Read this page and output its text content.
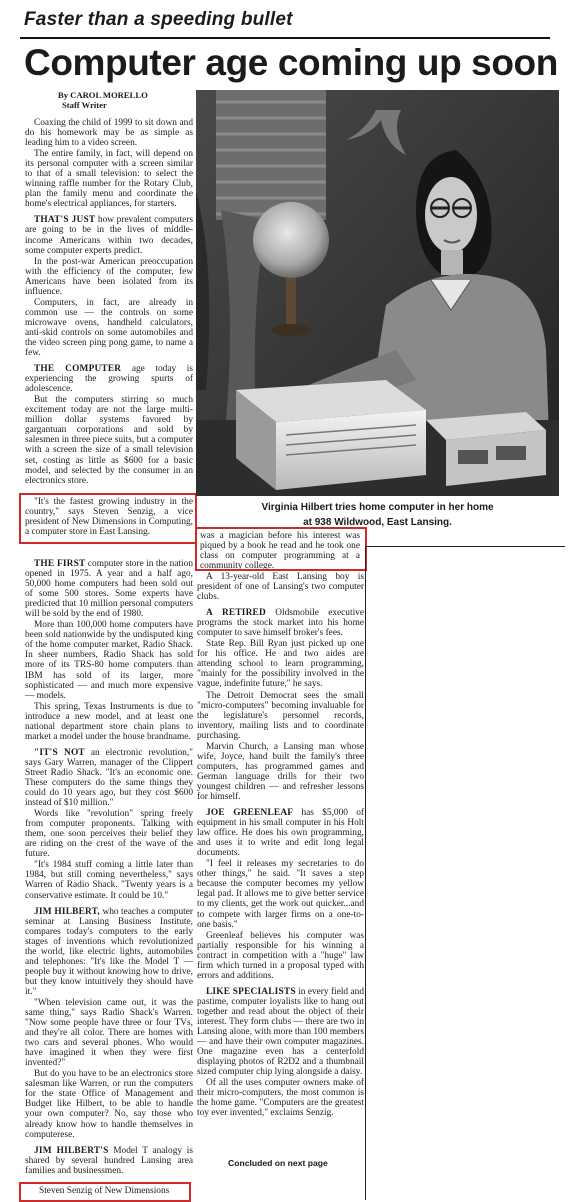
Faster than a speeding bullet
Computer age coming up soon
By CAROL MORELLO
Staff Writer

Coaxing the child of 1999 to sit down and do his homework may be as simple as leading him to a video screen.

The entire family, in fact, will depend on its personal computer with a screen similar to that of a small television: to select the winning raffle number for the Rotary Club, plan the family menu and coordinate the home's electrical appliances, for starters.

THAT'S JUST how prevalent computers are going to be in the lives of middle-income Americans within two decades, some computer experts predict.

In the post-war American preoccupation with the efficiency of the computer, few Americans have been isolated from its influence.

Computers, in fact, are already in common use — the controls on some microwave ovens, handheld calculators, anti-skid controls on some automobiles and the video screen ping pong game, to name a few.

THE COMPUTER age today is experiencing the growing spurts of adolescence.

But the computers stirring so much excitement today are not the large multi-million dollar systems favored by gargantuan corporations and sold by salesmen in three piece suits, but a computer with a screen the size of a small television set, costing as little as $600 for a basic model, and selected by the consumer in an electronics store.

"It's the fastest growing industry in the country," says Steven Senzig, a vice president of New Dimensions in Computing, a computer store in East Lansing.

Virginia Hilbert tries home computer in her home
at 938 Wildwood, East Lansing.

THE FIRST computer store in the nation opened in 1975. A year and a half ago, 50,000 home computers had been sold out of some 500 stores. Some experts have predicted that 10 million personal computers will be sold by the end of 1980.

More than 100,000 home computers have been sold nationwide by the undisputed king of the home computer market, Radio Shack. In sheer numbers, Radio Shack has sold more of its TRS-80 home computers than IBM has sold of its larger, more sophisticated — and much more expensive — models.

This spring, Texas Instruments is due to introduce a new model, and at least one national department store chain plans to market a model under the house brandname.

"IT'S NOT an electronic revolution," says Gary Warren, manager of the Clippert Street Radio Shack. "It's an economic one. These computers do the same things they could do 10 years ago, but they cost $600 instead of $10 million."

Words like "revolution" spring freely from computer proponents. Talking with them, one soon perceives their belief they are riding on the crest of the wave of the future.

"It's 1984 stuff coming a little later than 1984, but still coming nevertheless," says Warren of Radio Shack. "Twenty years is a conservative estimate. It could be 10."

JIM HILBERT, who teaches a computer seminar at Lansing Business Institute, compares today's computers to the early stages of inventions which revolutionized the world, like electric lights, automobiles and telephones: "It's like the Model T — people buy it without knowing how to drive, but they know intuitively they should have it."

"When television came out, it was the same thing," says Radio Shack's Warren. "Now some people have three or four TVs, and they're all color. There are homes with two cars and several phones. Who would have imagined it when they were first invented?"

But do you have to be an electronics store salesman like Warren, or run the computers for the state Office of Management and Budget like Hilbert, to be able to handle your own computer? No, say those who already know how to handle themselves in computerese.

JIM HILBERT'S Model T analogy is shared by several hundred Lansing area families and businessmen.

Steven Senzig of New Dimensions

was a magician before his interest was piqued by a book he read and he took one class on computer programming at a community college.

A 13-year-old East Lansing boy is president of one of Lansing's two computer clubs.

A RETIRED Oldsmobile executive programs the stock market into his home computer to save himself broker's fees.

State Rep. Bill Ryan just picked up one for his office. He and two aides are attending school to learn programming, "mainly for the possibility involved in the vague, indefinite future," he says.

The Detroit Democrat sees the small "micro-computers" becoming invaluable for the legislature's personnel records, inventory, mailing lists and to coordinate purchasing.

Marvin Church, a Lansing man whose wife, Joyce, hand built the family's three computers, has programmed games and German language drills for their two youngest children — and refresher lessons for himself.

JOE GREENLEAF has $5,000 of equipment in his small computer in his Holt law office. He does his own programming, and uses it to write and edit long legal documents.

"I feel it releases my secretaries to do other things," he said. "It saves a step because the computer becomes my yellow legal pad. It allows me to give better service to my clients, get the work out quicker...and to compete with larger firms on a one-to-one basis."

Greenleaf believes his computer was partially responsible for his winning a contract in competition with a "huge" law firm which turned in a proposal typed with errors and additions.

LIKE SPECIALISTS in every field and pastime, computer loyalists like to hang out together and read about the object of their interest. They form clubs — there are two in Lansing alone, with more than 100 members — and have their own computer magazines. One magazine even has a centerfold displaying photos of R2D2 and a thumbnail sized computer chip lying alongside a daisy.

Of all the uses computer owners make of their micro-computers, the most common is the home game. "Computers are the greatest toy ever invented," exclaims Senzig.

Concluded on next page
